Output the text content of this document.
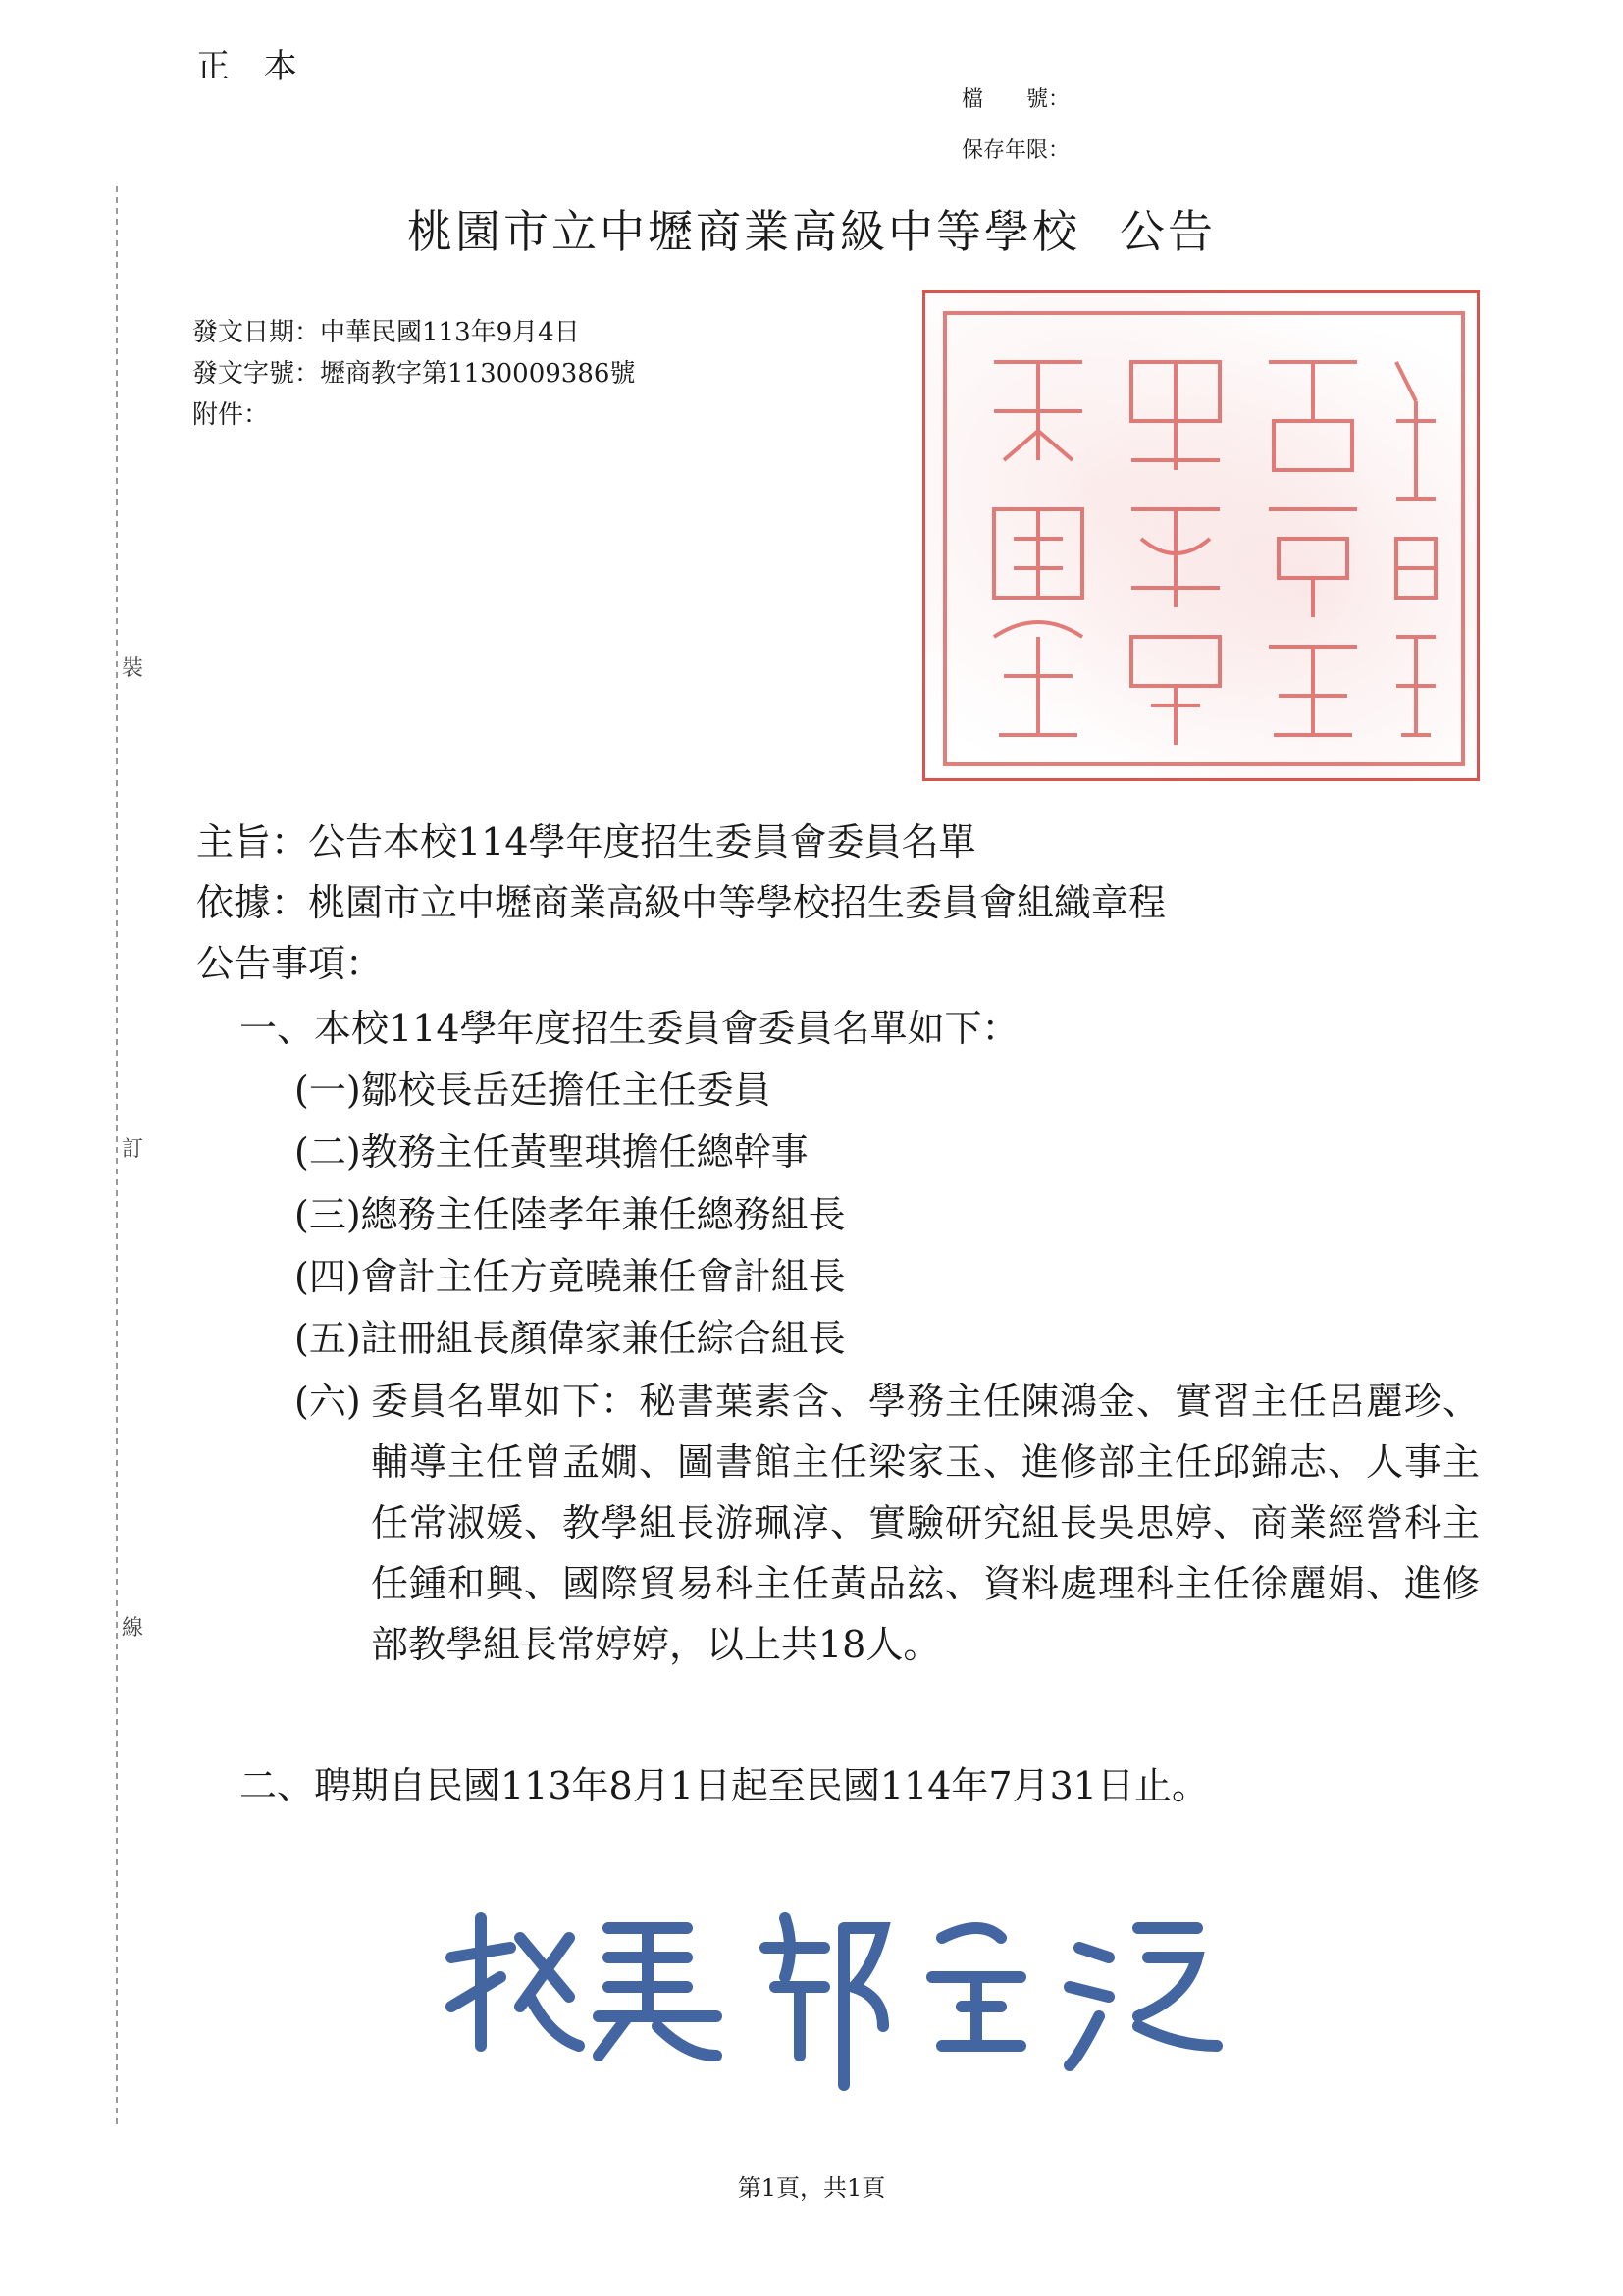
正 本
檔　　號：
保存年限：
桃園市立中壢商業高級中等學校 公告
發文日期：中華民國113年9月4日
發文字號：壢商教字第1130009386號
附件：
裝
訂
線
主旨：公告本校114學年度招生委員會委員名單
依據：桃園市立中壢商業高級中等學校招生委員會組織章程
公告事項：
一、本校114學年度招生委員會委員名單如下：
(一)鄒校長岳廷擔任主任委員
(二)教務主任黃聖琪擔任總幹事
(三)總務主任陸孝年兼任總務組長
(四)會計主任方竟曉兼任會計組長
(五)註冊組長顏偉家兼任綜合組長
(六) 委員名單如下：秘書葉素含、學務主任陳鴻金、實習主任呂麗珍、輔導主任曾孟嫺、圖書館主任梁家玉、進修部主任邱錦志、人事主任常淑媛、教學組長游珮淳、實驗研究組長吳思婷、商業經營科主任鍾和興、國際貿易科主任黃品玆、資料處理科主任徐麗娟、進修部教學組長常婷婷，以上共18人。
二、聘期自民國113年8月1日起至民國114年7月31日止。
第1頁，共1頁
